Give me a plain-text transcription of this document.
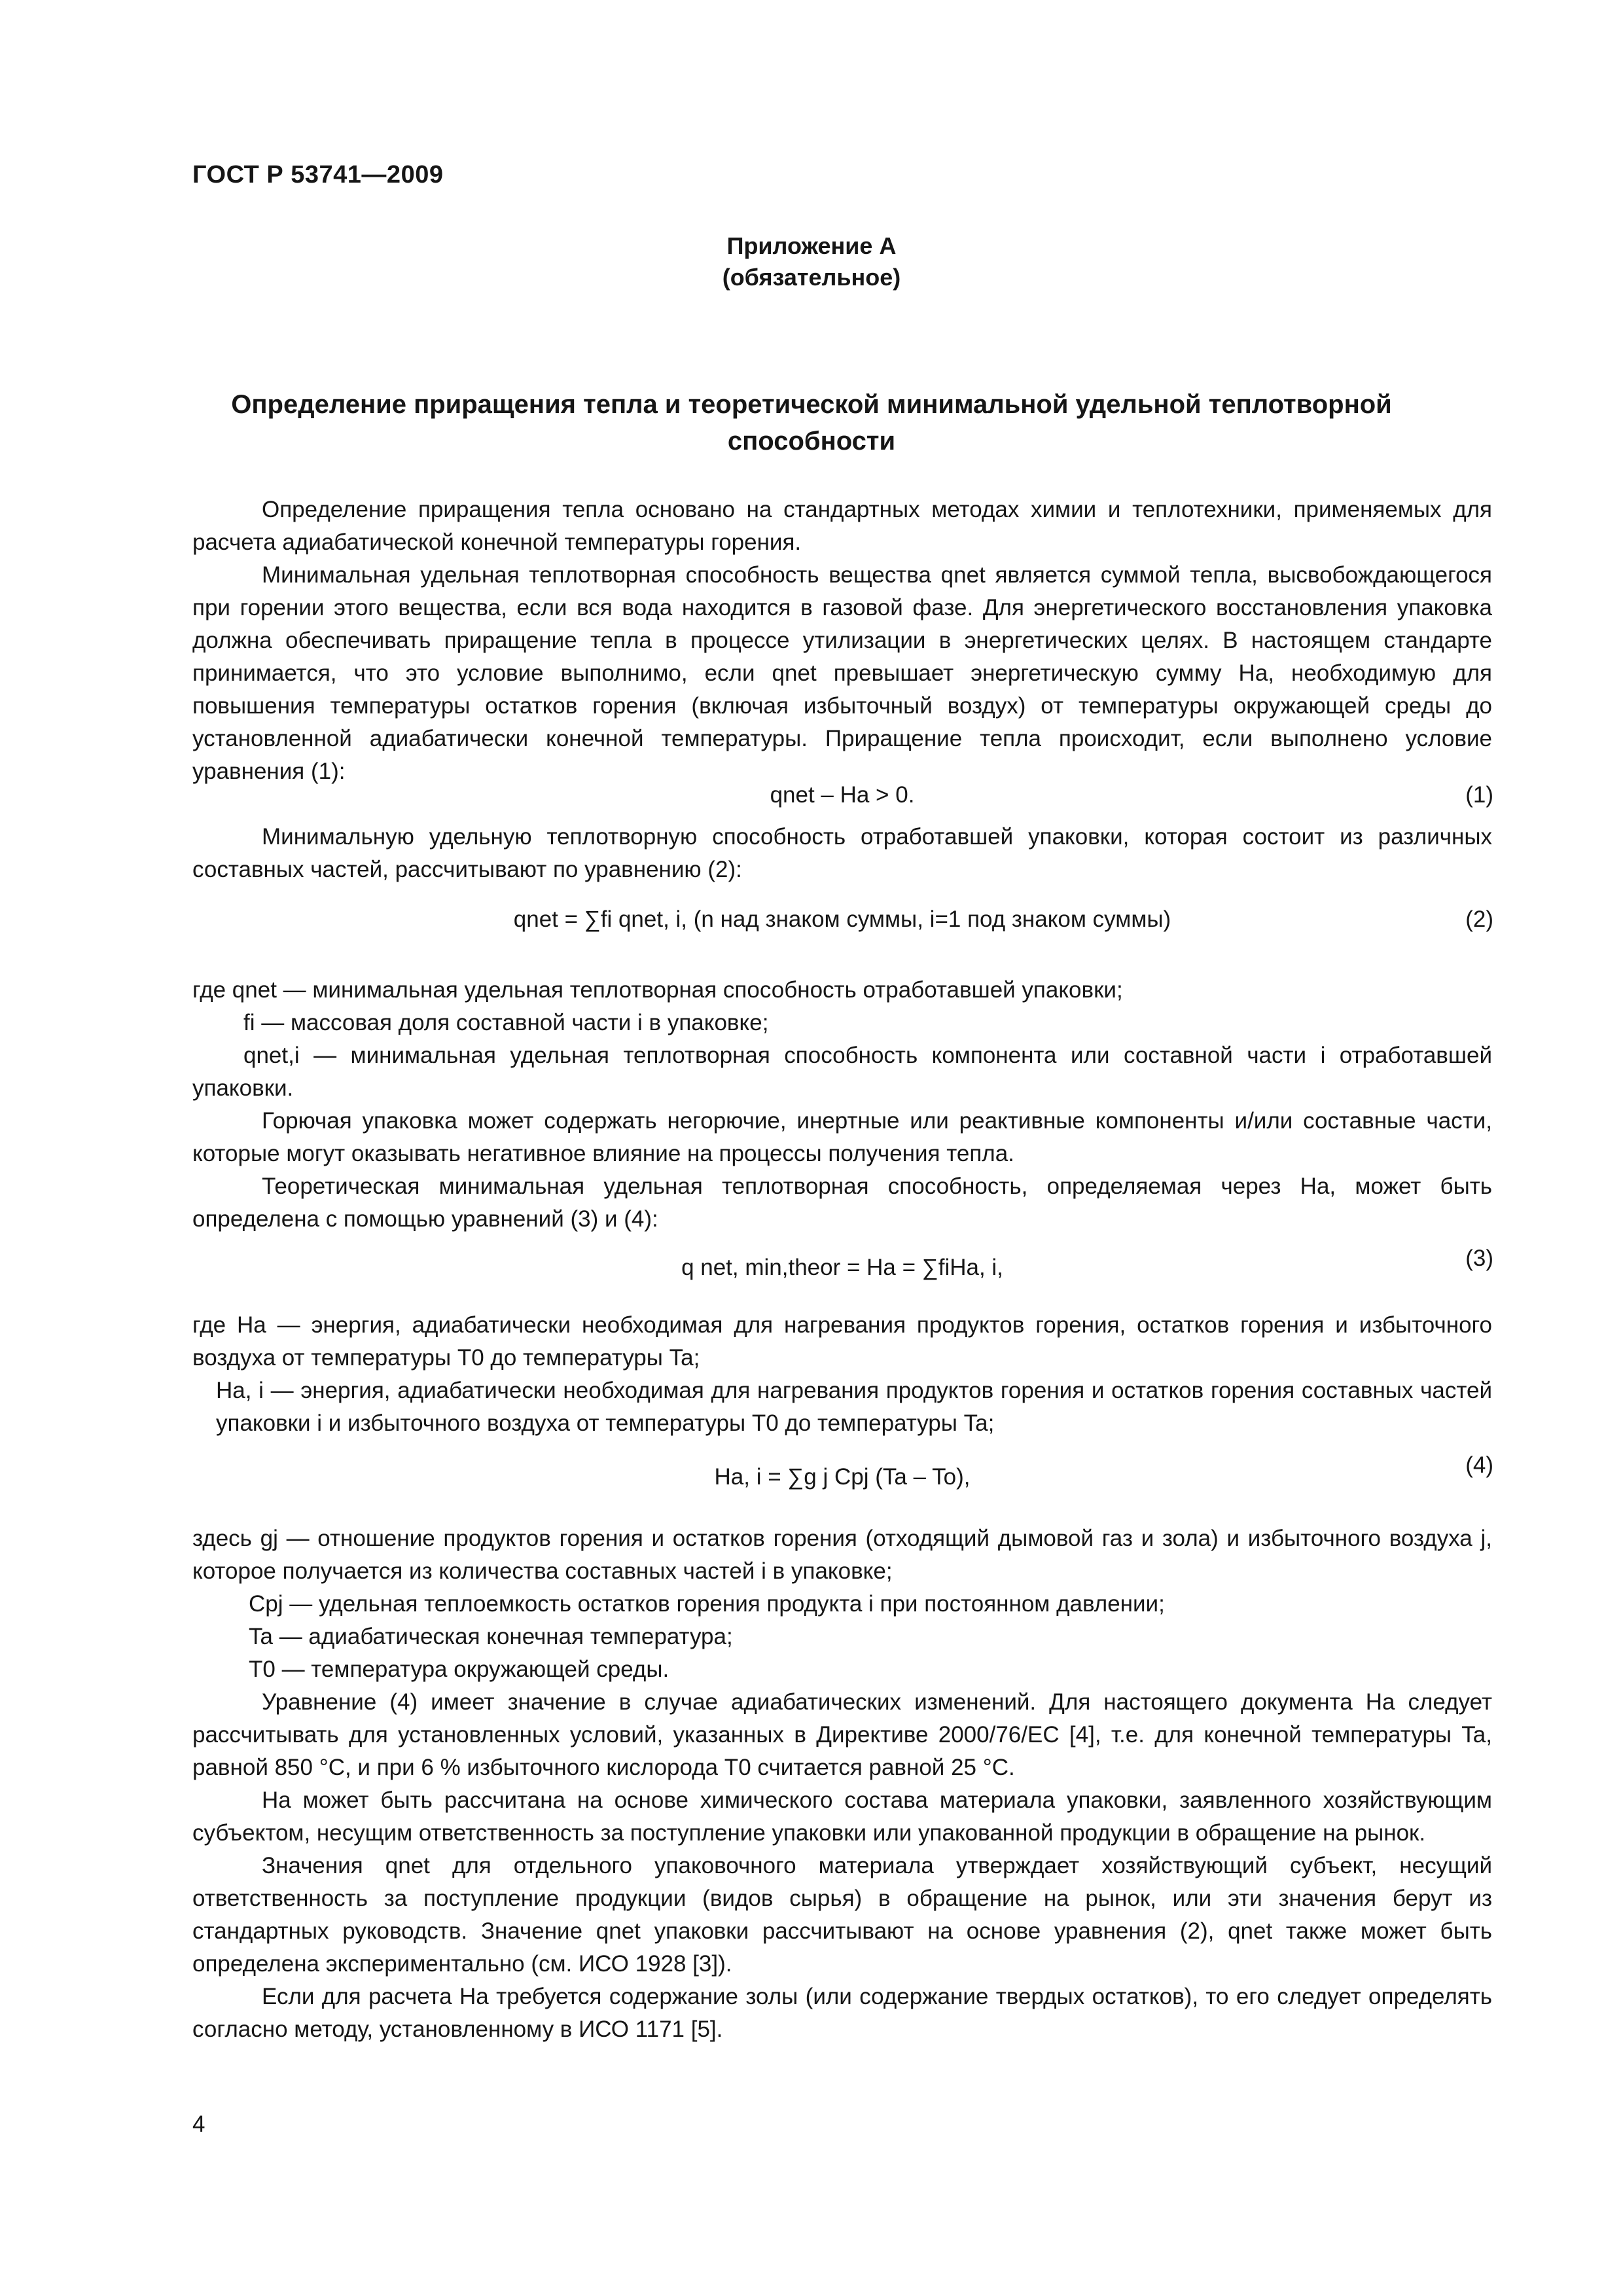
ГОСТ Р 53741—2009
Приложение А
(обязательное)
Определение приращения тепла и теоретической минимальной удельной теплотворной способности

Определение приращения тепла основано на стандартных методах химии и теплотехники, применяемых для расчета адиабатической конечной температуры горения.

Минимальная удельная теплотворная способность вещества qnet является суммой тепла, высвобождающегося при горении этого вещества, если вся вода находится в газовой фазе. Для энергетического восстановления упаковка должна обеспечивать приращение тепла в процессе утилизации в энергетических целях. В настоящем стандарте принимается, что это условие выполнимо, если qnet превышает энергетическую сумму Ha, необходимую для повышения температуры остатков горения (включая избыточный воздух) от температуры окружающей среды до установленной адиабатически конечной температуры. Приращение тепла происходит, если выполнено условие уравнения (1):

qnet – Ha > 0.	(1)

Минимальную удельную теплотворную способность отработавшей упаковки, которая состоит из различных составных частей, рассчитывают по уравнению (2):

qnet = ∑fi qnet, i, (n над знаком суммы, i=1 под знаком суммы)	(2)

где qnet — минимальная удельная теплотворная способность отработавшей упаковки;

fi — массовая доля составной части i в упаковке;

qnet,i — минимальная удельная теплотворная способность компонента или составной части i отработавшей упаковки.

Горючая упаковка может содержать негорючие, инертные или реактивные компоненты и/или составные части, которые могут оказывать негативное влияние на процессы получения тепла.

Теоретическая минимальная удельная теплотворная способность, определяемая через Ha, может быть определена с помощью уравнений (3) и (4):

q net, min,theor = Ha = ∑fiHa, i,	(3)

где Ha — энергия, адиабатически необходимая для нагревания продуктов горения, остатков горения и избыточного воздуха от температуры T0 до температуры Ta;

Ha, i — энергия, адиабатически необходимая для нагревания продуктов горения и остатков горения составных частей упаковки i и избыточного воздуха от температуры T0 до температуры Ta;

Ha, i = ∑g j Cpj (Ta – To),	(4)

здесь gj — отношение продуктов горения и остатков горения (отходящий дымовой газ и зола) и избыточного воздуха j, которое получается из количества составных частей i в упаковке;

Cpj — удельная теплоемкость остатков горения продукта i при постоянном давлении;

Ta — адиабатическая конечная температура;

T0 — температура окружающей среды.

Уравнение (4) имеет значение в случае адиабатических изменений. Для настоящего документа Ha следует рассчитывать для установленных условий, указанных в Директиве 2000/76/ЕС [4], т.е. для конечной температуры Ta, равной 850 °C, и при 6 % избыточного кислорода T0 считается равной 25 °C.

Ha может быть рассчитана на основе химического состава материала упаковки, заявленного хозяйствующим субъектом, несущим ответственность за поступление упаковки или упакованной продукции в обращение на рынок.

Значения qnet для отдельного упаковочного материала утверждает хозяйствующий субъект, несущий ответственность за поступление продукции (видов сырья) в обращение на рынок, или эти значения берут из стандартных руководств. Значение qnet упаковки рассчитывают на основе уравнения (2), qnet также может быть определена экспериментально (см. ИСО 1928 [3]).

Если для расчета Ha требуется содержание золы (или содержание твердых остатков), то его следует определять согласно методу, установленному в ИСО 1171 [5].

4
